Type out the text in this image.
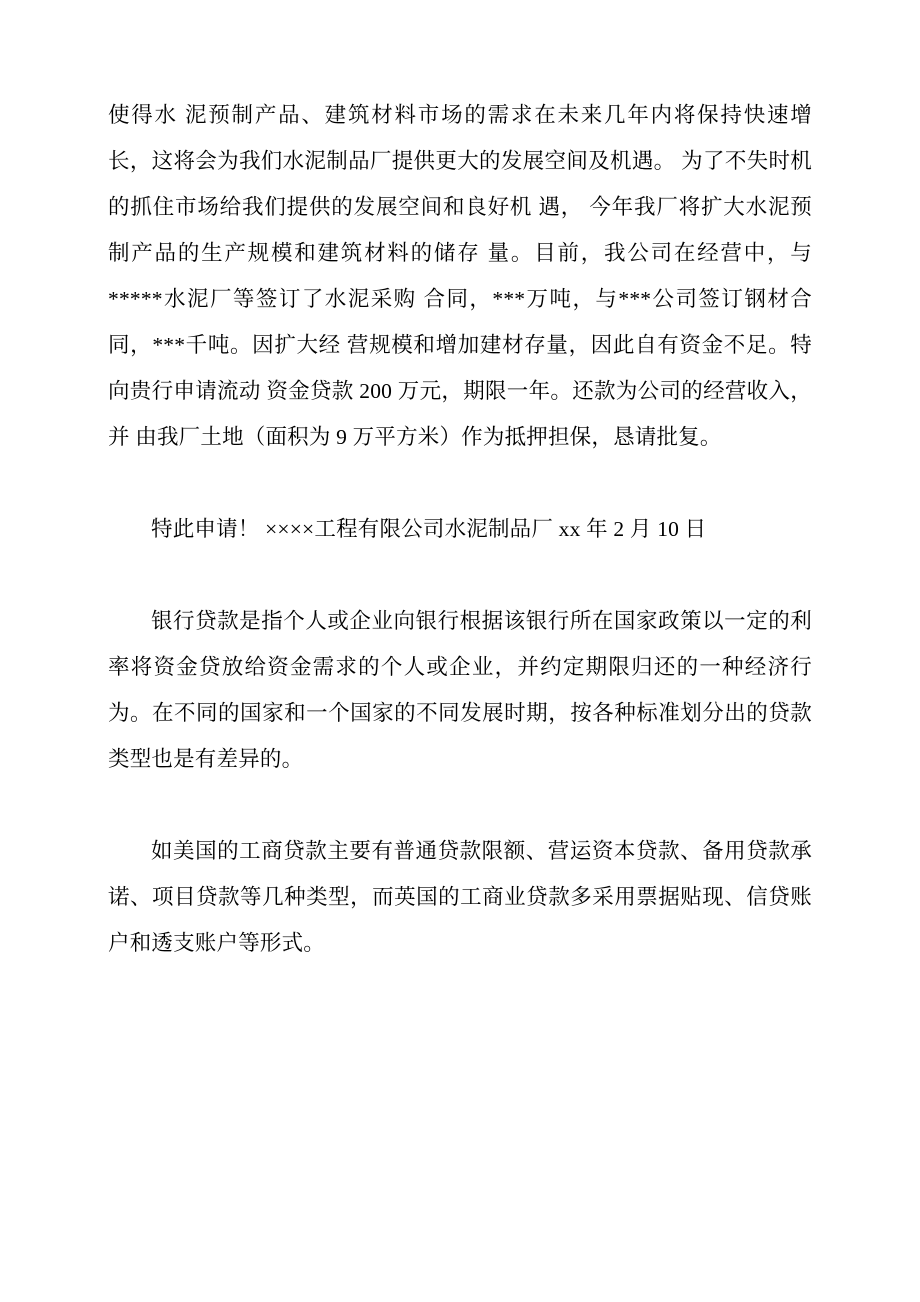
使得水 泥预制产品、建筑材料市场的需求在未来几年内将保持快速增 长，这将会为我们水泥制品厂提供更大的发展空间及机遇。 为了不失时机的抓住市场给我们提供的发展空间和良好机 遇， 今年我厂将扩大水泥预制产品的生产规模和建筑材料的储存 量。目前，我公司在经营中，与*****水泥厂等签订了水泥采购 合同，***万吨，与***公司签订钢材合同，***千吨。因扩大经 营规模和增加建材存量，因此自有资金不足。特向贵行申请流动 资金贷款 200 万元，期限一年。还款为公司的经营收入，并 由我厂土地（面积为 9 万平方米）作为抵押担保，恳请批复。

特此申请！ ××××工程有限公司水泥制品厂 xx 年 2 月 10 日

银行贷款是指个人或企业向银行根据该银行所在国家政策以一定的利率将资金贷放给资金需求的个人或企业，并约定期限归还的一种经济行为。在不同的国家和一个国家的不同发展时期，按各种标准划分出的贷款类型也是有差异的。

如美国的工商贷款主要有普通贷款限额、营运资本贷款、备用贷款承诺、项目贷款等几种类型，而英国的工商业贷款多采用票据贴现、信贷账户和透支账户等形式。
